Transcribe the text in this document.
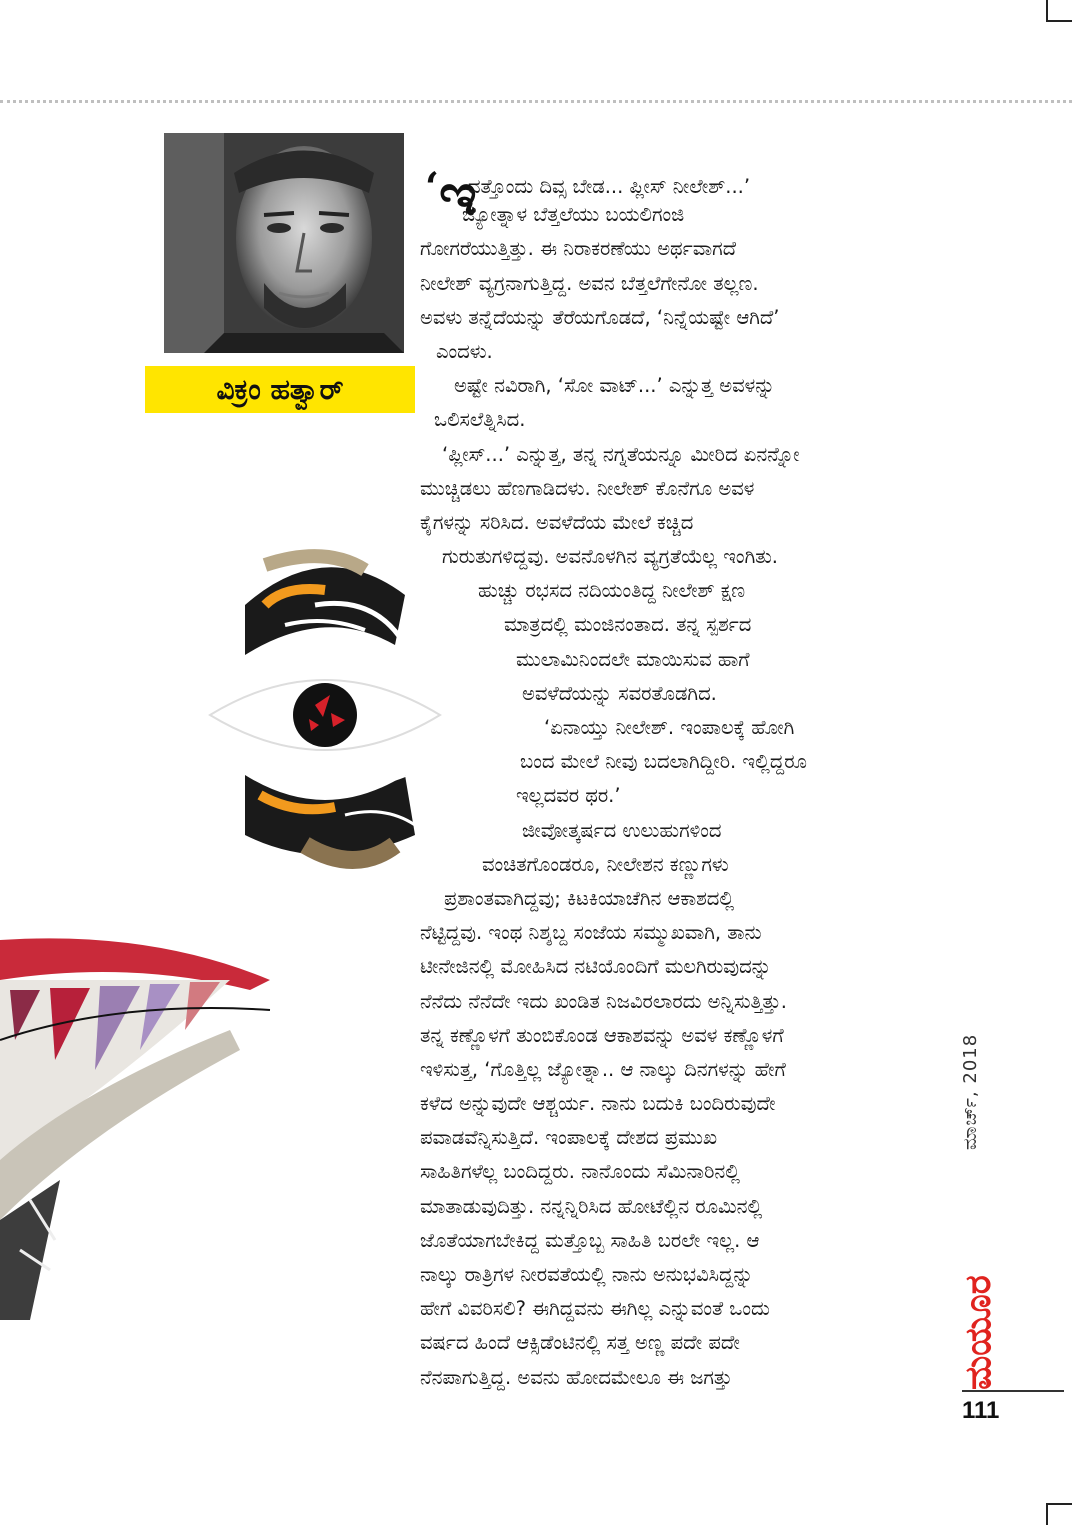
ವಿಕ್ರಂ ಹತ್ವಾರ್
‘ ಇ
ವತ್ತೊಂದು ದಿವ್ಸ ಬೇಡ... ಪ್ಲೀಸ್ ನೀಲೇಶ್...’
ಜ್ಯೋತ್ನಾಳ ಬೆತ್ತಲೆಯು ಬಯಲಿಗಂಜಿ
ಗೋಗರೆಯುತ್ತಿತ್ತು. ಈ ನಿರಾಕರಣೆಯು ಅರ್ಥವಾಗದೆ
ನೀಲೇಶ್ ವ್ಯಗ್ರನಾಗುತ್ತಿದ್ದ. ಅವನ ಬೆತ್ತಲೆಗೇನೋ ತಲ್ಲಣ.
ಅವಳು ತನ್ನೆದೆಯನ್ನು ತೆರೆಯಗೊಡದೆ, ‘ನಿನ್ನೆಯಷ್ಟೇ ಆಗಿದೆ’
ಎಂದಳು.
ಅಷ್ಟೇ ನವಿರಾಗಿ, ‘ಸೋ ವಾಟ್...’ ಎನ್ನುತ್ತ ಅವಳನ್ನು
ಒಲಿಸಲೆತ್ನಿಸಿದ.
‘ಪ್ಲೀಸ್...’ ಎನ್ನುತ್ತ, ತನ್ನ ನಗ್ನತೆಯನ್ನೂ ಮೀರಿದ ಏನನ್ನೋ
ಮುಚ್ಚಿಡಲು ಹೆಣಗಾಡಿದಳು. ನೀಲೇಶ್ ಕೊನೆಗೂ ಅವಳ
ಕೈಗಳನ್ನು ಸರಿಸಿದ. ಅವಳೆದೆಯ ಮೇಲೆ ಕಚ್ಚಿದ
ಗುರುತುಗಳಿದ್ದವು. ಅವನೊಳಗಿನ ವ್ಯಗ್ರತೆಯೆಲ್ಲ ಇಂಗಿತು.
ಹುಚ್ಚು ರಭಸದ ನದಿಯಂತಿದ್ದ ನೀಲೇಶ್ ಕ್ಷಣ
ಮಾತ್ರದಲ್ಲಿ ಮಂಜಿನಂತಾದ. ತನ್ನ ಸ್ಪರ್ಶದ
ಮುಲಾಮಿನಿಂದಲೇ ಮಾಯಿಸುವ ಹಾಗೆ
ಅವಳೆದೆಯನ್ನು ಸವರತೊಡಗಿದ.
‘ಏನಾಯ್ತು ನೀಲೇಶ್. ಇಂಪಾಲಕ್ಕೆ ಹೋಗಿ
ಬಂದ ಮೇಲೆ ನೀವು ಬದಲಾಗಿದ್ದೀರಿ. ಇಲ್ಲಿದ್ದರೂ
ಇಲ್ಲದವರ ಥರ.’
ಜೀವೋತ್ಕರ್ಷದ ಉಲುಹುಗಳಿಂದ
ವಂಚಿತಗೊಂಡರೂ, ನೀಲೇಶನ ಕಣ್ಣುಗಳು
ಪ್ರಶಾಂತವಾಗಿದ್ದವು; ಕಿಟಕಿಯಾಚೆಗಿನ ಆಕಾಶದಲ್ಲಿ
ನೆಟ್ಟಿದ್ದವು. ಇಂಥ ನಿಶ್ಶಬ್ದ ಸಂಜೆಯ ಸಮ್ಮುಖವಾಗಿ, ತಾನು
ಟೀನೇಜಿನಲ್ಲಿ ಮೋಹಿಸಿದ ನಟಿಯೊಂದಿಗೆ ಮಲಗಿರುವುದನ್ನು
ನೆನೆದು ನೆನೆದೇ ಇದು ಖಂಡಿತ ನಿಜವಿರಲಾರದು ಅನ್ನಿಸುತ್ತಿತ್ತು.
ತನ್ನ ಕಣ್ಣೊಳಗೆ ತುಂಬಿಕೊಂಡ ಆಕಾಶವನ್ನು ಅವಳ ಕಣ್ಣೊಳಗೆ
ಇಳಿಸುತ್ತ, ‘ಗೊತ್ತಿಲ್ಲ ಜ್ಯೋತ್ನಾ.. ಆ ನಾಲ್ಕು ದಿನಗಳನ್ನು ಹೇಗೆ
ಕಳೆದ ಅನ್ನುವುದೇ ಆಶ್ಚರ್ಯ. ನಾನು ಬದುಕಿ ಬಂದಿರುವುದೇ
ಪವಾಡವೆನ್ನಿಸುತ್ತಿದೆ. ಇಂಪಾಲಕ್ಕೆ ದೇಶದ ಪ್ರಮುಖ
ಸಾಹಿತಿಗಳೆಲ್ಲ ಬಂದಿದ್ದರು. ನಾನೊಂದು ಸೆಮಿನಾರಿನಲ್ಲಿ
ಮಾತಾಡುವುದಿತ್ತು. ನನ್ನನ್ನಿರಿಸಿದ ಹೋಟೆಲ್ಲಿನ ರೂಮಿನಲ್ಲಿ
ಜೊತೆಯಾಗಬೇಕಿದ್ದ ಮತ್ತೊಬ್ಬ ಸಾಹಿತಿ ಬರಲೇ ಇಲ್ಲ. ಆ
ನಾಲ್ಕು ರಾತ್ರಿಗಳ ನೀರವತೆಯಲ್ಲಿ ನಾನು ಅನುಭವಿಸಿದ್ದನ್ನು
ಹೇಗೆ ವಿವರಿಸಲಿ? ಈಗಿದ್ದವನು ಈಗಿಲ್ಲ ಎನ್ನುವಂತೆ ಒಂದು
ವರ್ಷದ ಹಿಂದೆ ಆಕ್ಸಿಡೆಂಟಿನಲ್ಲಿ ಸತ್ತ ಅಣ್ಣ ಪದೇ ಪದೇ
ನೆನಪಾಗುತ್ತಿದ್ದ. ಅವನು ಹೋದಮೇಲೂ ಈ ಜಗತ್ತು
ಮಾರ್ಚ್, 2018
ಮಯೂರ
111
